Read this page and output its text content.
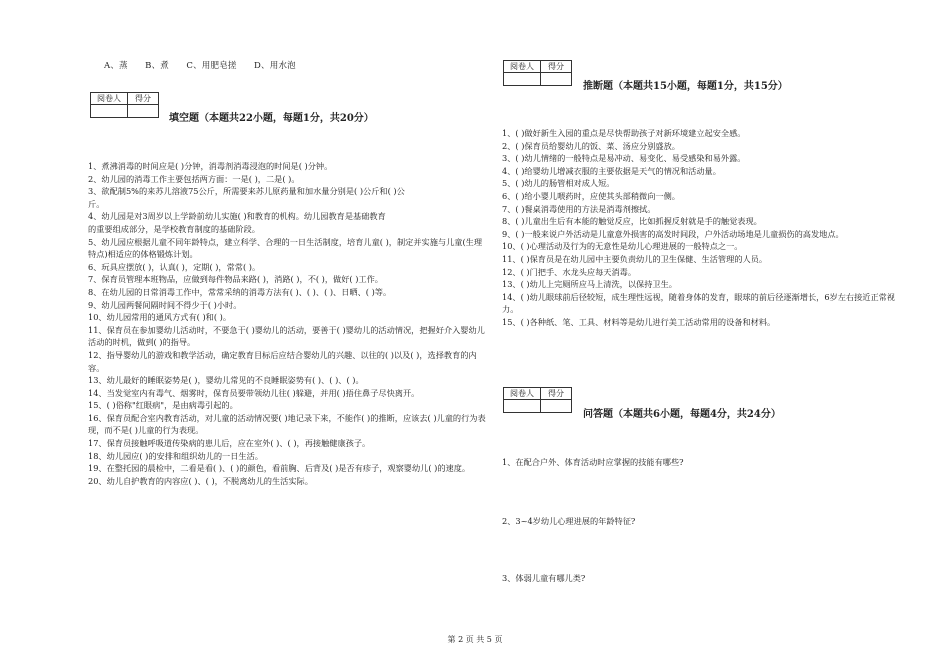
A、蒸      B、煮      C、用肥皂搓      D、用水泡
阅卷人	得分

填空题（本题共22小题，每题1分，共20分）
1、煮沸消毒的时间应是( )分钟，消毒剂消毒浸泡的时间是( )分钟。
2、幼儿园的消毒工作主要包括两方面：一是( )，二是( )。
3、欲配制5%的来苏儿溶液75公斤，所需要来苏儿原药量和加水量分别是( )公斤和( )公
斤。
4、幼儿园是对3周岁以上学龄前幼儿实施( )和教育的机构。幼儿园教育是基础教育
的重要组成部分，是学校教育制度的基础阶段。
5、幼儿园应根据儿童不同年龄特点，建立科学、合理的一日生活制度，培育儿童( )，制定并实施与儿童(生理特点)相适应的体格锻炼计划。
6、玩具应摆放( )，认真( )，定期( )，常常( )。
7、保育员管理本班物品，应做到每件物品来路( )，消路( )，不( )，做好( )工作。
8、在幼儿园的日常消毒工作中，常常采纳的消毒方法有( )、( )、( )、日晒、( )等。
9、幼儿园两餐间隔时间不得少于( )小时。
10、幼儿园常用的通风方式有( )和( )。
11、保育员在参加婴幼儿活动时，不要急于( )婴幼儿的活动，要善于( )婴幼儿的活动情况，把握好介入婴幼儿活动的时机，做到( )的指导。
12、指导婴幼儿的游戏和教学活动，确定教育目标后应结合婴幼儿的兴趣、以往的( )以及( )，选择教育的内容。
13、幼儿最好的睡眠姿势是( )，婴幼儿常见的不良睡眠姿势有( )、( )、( )。
14、当发觉室内有毒气、烟雾时，保育员要带领幼儿往( )躲避，并用( )捂住鼻子尽快离开。
15、( )俗称"红眼病"，是由病毒引起的。
16、保育员配合室内教育活动，对儿童的活动情况要( )地记录下来，不能作( )的推断，应该去( )儿童的行为表现，而不是( )儿童的行为表现。
17、保育员接触呼吸道传染病的患儿后，应在室外( )、( )，再接触健康孩子。
18、幼儿园应( )的安排和组织幼儿的一日生活。
19、在整托园的晨检中，二看是看( )、( )的颜色，看前胸、后背及( )是否有疹子，观察婴幼儿( )的速度。
20、幼儿自护教育的内容应( )、( )，不脱离幼儿的生活实际。
阅卷人	得分

推断题（本题共15小题，每题1分，共15分）
1、( )做好新生入园的重点是尽快帮助孩子对新环境建立起安全感。
2、( )保育员给婴幼儿的饭、菜、汤应分别盛放。
3、( )幼儿情绪的一般特点是易冲动、易变化、易受感染和易外露。
4、( )给婴幼儿增减衣服的主要依据是天气的情况和活动量。
5、( )幼儿的肠管相对成人短。
6、( )给小婴儿喂药时，应使其头部稍微向一侧。
7、( )餐桌消毒使用的方法是消毒剂擦拭。
8、( )儿童出生后有本能的触觉反应，比如抓握反射就是手的触觉表现。
9、( )一般来说户外活动是儿童意外损害的高发时间段，户外活动场地是儿童损伤的高发地点。
10、( )心理活动及行为的无意性是幼儿心理进展的一般特点之一。
11、( )保育员是在幼儿园中主要负责幼儿的卫生保健、生活管理的人员。
12、( )门把手、水龙头应每天消毒。
13、( )幼儿上完厕所应马上清洗，以保持卫生。
14、( )幼儿眼球前后径较短，成生理性远视，随着身体的发育，眼球的前后径逐渐增长，6岁左右接近正常视力。
15、( )各种纸、笔、工具、材料等是幼儿进行美工活动常用的设备和材料。
阅卷人	得分

问答题（本题共6小题，每题4分，共24分）
1、在配合户外、体育活动时应掌握的技能有哪些?
2、3~4岁幼儿心理进展的年龄特征?
3、体弱儿童有哪儿类?
第 2 页 共 5 页
